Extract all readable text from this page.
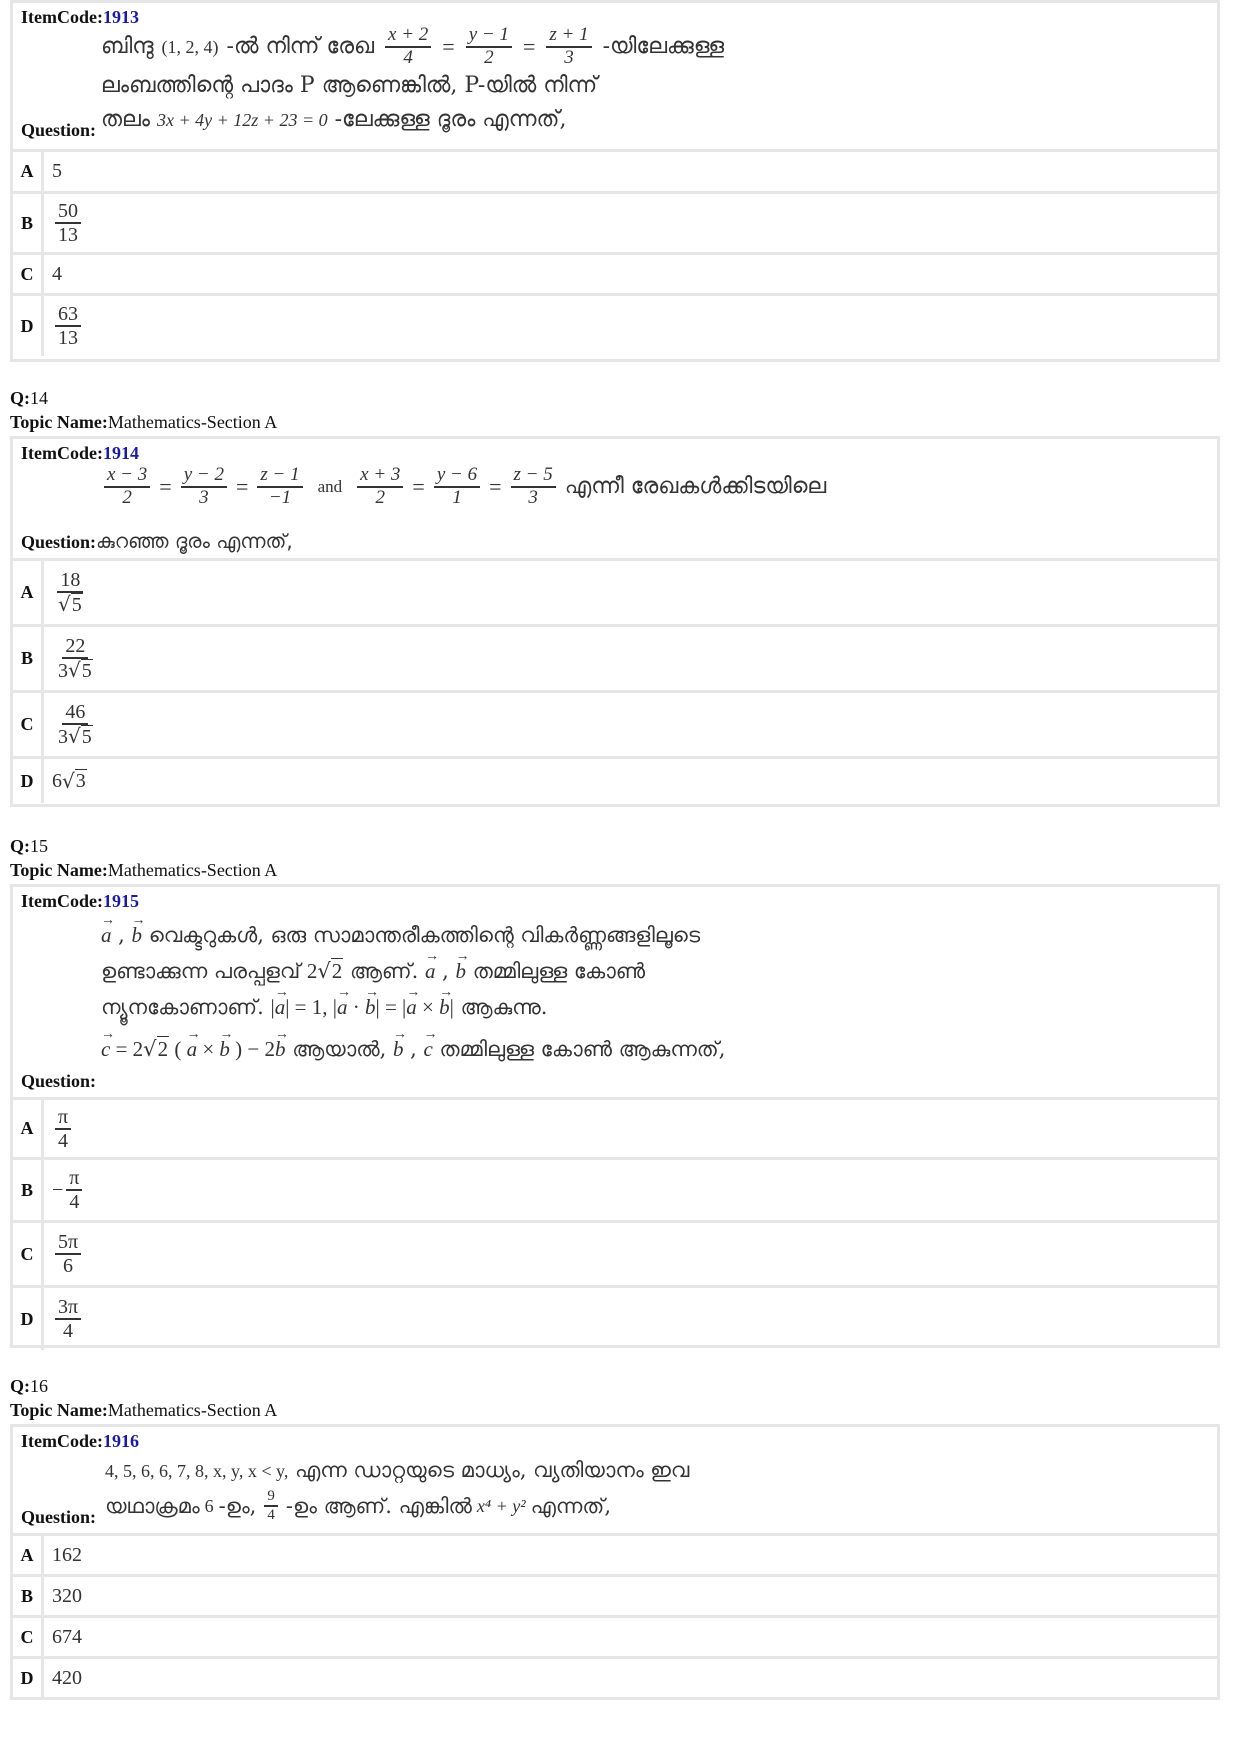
ItemCode:1913
ബിന്ദു (1, 2, 4) -ൽ നിന്ന് രേഖ $\frac{x + 2}{4} = \frac{y - 1}{2} = \frac{z + 1}{3}$ -യിലേക്കുള്ള
ലംബത്തിന്റെ പാദം P ആണെങ്കിൽ, P-യിൽ നിന്ന്
തലം 3x + 4y + 12z + 23 = 0 -ലേക്കുള്ള ദൂരം എന്നത്,
Question:
A 5
B	$\frac{50}{13}$
C 4
D	$\frac{63}{13}$
Q:14
Topic Name:Mathematics-Section A
ItemCode:1914
$\frac{x - 3}{2} = \frac{y - 2}{3} = \frac{z - 1}{-1}$ and $\frac{x + 3}{2} = \frac{y - 6}{1} = \frac{z - 5}{3}$ എന്നീ രേഖകൾക്കിടയിലെ
Question:കുറഞ്ഞ ദൂരം എന്നത്,
A	$\frac{18}{√5}$
B	$\frac{22}{3√5}$
C	$\frac{46}{3√5}$
D 6 √ 3
Q:15
Topic Name:Mathematics-Section A
ItemCode:1915
→ a , → b വെക്ടറുകൾ, ഒരു സാമാന്തരീകത്തിന്റെ വികർണ്ണങ്ങളിലൂടെ
ഉണ്ടാക്കുന്ന പരപ്പളവ് 2√2 ആണ്. → a , → b തമ്മിലുള്ള കോൺ
ന്യൂനകോണാണ്. |→ a| = 1, |→ a · → b| = |→ a × → b| ആകുന്നു.
→ c = 2√2 ( → a × → b ) − 2→ b ആയാൽ, → b , → c തമ്മിലുള്ള കോൺ ആകുന്നത്,
Question:
A	$\frac{\pi}{4}$
$B - \frac{\pi}{4}$
C	$\frac{5\pi}{6}$
D	$\frac{3\pi}{4}$
Q:16
Topic Name:Mathematics-Section A
ItemCode:1916
4, 5, 6, 6, 7, 8, x, y, x < y, എന്ന ഡാറ്റയുടെ മാധ്യം, വ്യതിയാനം ഇവ
യഥാക്രമം 6 -ഉം, $\frac{9}{4}$ -ഉം ആണ്. എങ്കിൽ x⁴ + y² എന്നത്,
Question:
A 162
B 320
C 674
D 420
